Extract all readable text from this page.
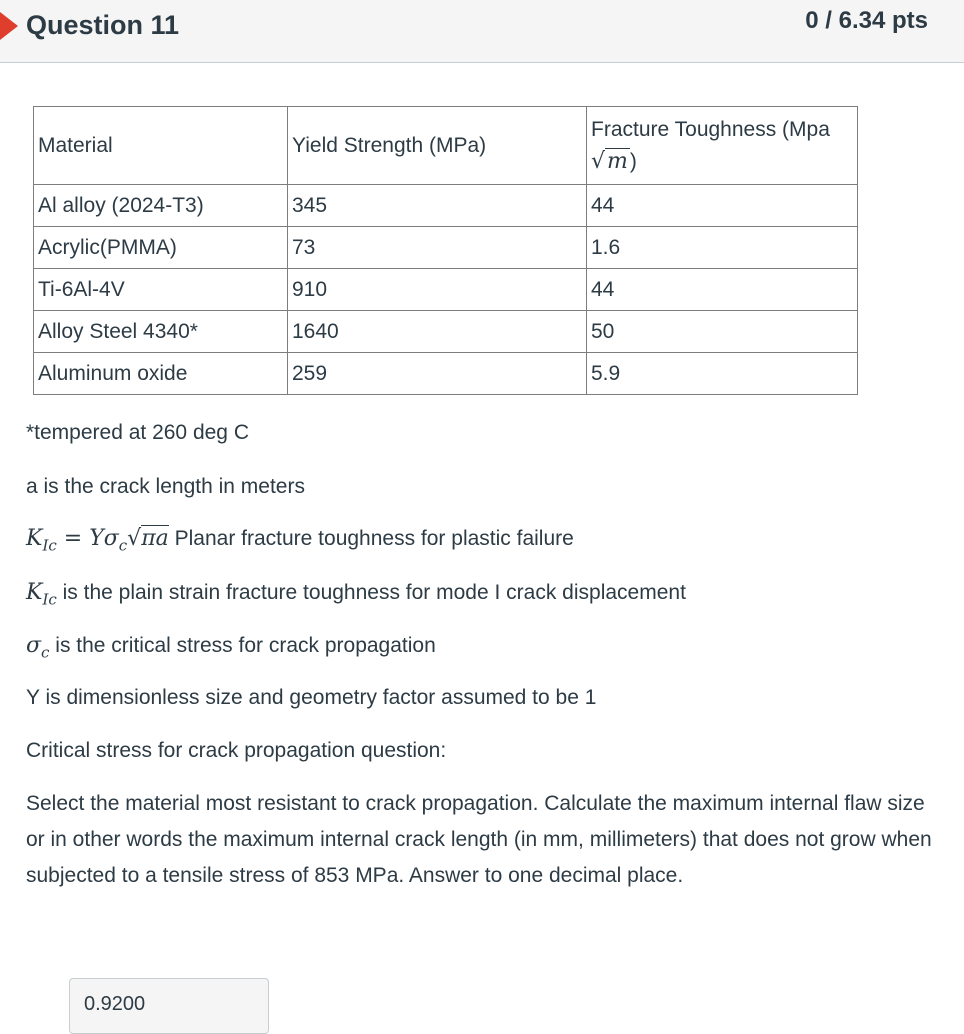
Question 11	0 / 6.34 pts
Material	Yield Strength (MPa)	Fracture Toughness (Mpa
√m)
Al alloy (2024-T3)	345	44
Acrylic(PMMA)	73	1.6
Ti-6Al-4V	910	44
Alloy Steel 4340*	1640	50
Aluminum oxide	259	5.9
*tempered at 260 deg C
a is the crack length in meters
$K_{Ic} = Y\sigma_c√\pi a$ Planar fracture toughness for plastic failure
$K_{Ic}$ is the plain strain fracture toughness for mode I crack displacement
$\sigma_c$ is the critical stress for crack propagation
Y is dimensionless size and geometry factor assumed to be 1
Critical stress for crack propagation question:
Select the material most resistant to crack propagation. Calculate the maximum internal flaw size or in other words the maximum internal crack length (in mm, millimeters) that does not grow when subjected to a tensile stress of 853 MPa. Answer to one decimal place.
0.9200
